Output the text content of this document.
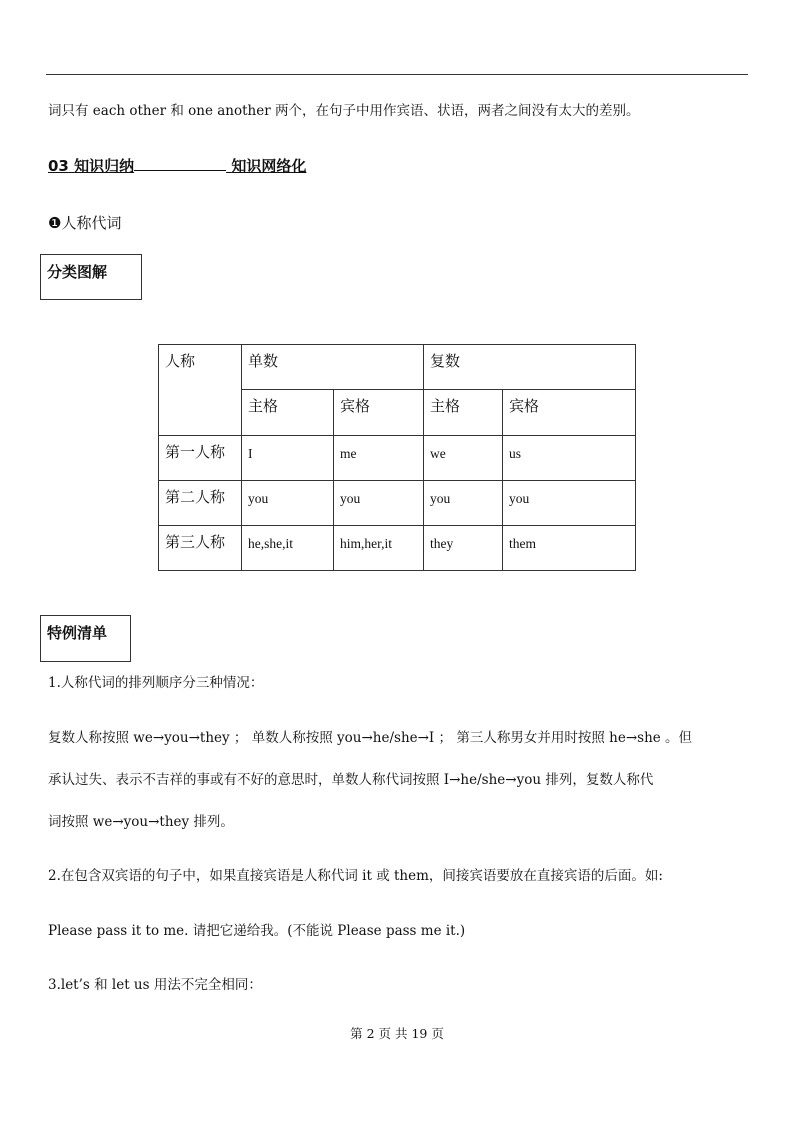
词只有 each other 和 one another 两个，在句子中用作宾语、状语，两者之间没有太大的差别。
03 知识归纳	知识网络化
❶人称代词
分类图解
人称	单数		复数	
	主格	宾格	主格	宾格
第一人称	I	me	we	us
第二人称	you	you	you	you
第三人称	he,she,it	him,her,it	they	them
特例清单
1.人称代词的排列顺序分三种情况：
复数人称按照 we→you→they ； 单数人称按照 you→he/she→I ； 第三人称男女并用时按照 he→she 。但
承认过失、表示不吉祥的事或有不好的意思时，单数人称代词按照 I→he/she→you 排列，复数人称代
词按照 we→you→they 排列。
2.在包含双宾语的句子中，如果直接宾语是人称代词 it 或 them，间接宾语要放在直接宾语的后面。如:
Please pass it to me. 请把它递给我。(不能说 Please pass me it.)
3.let’s 和 let us 用法不完全相同：
第 2 页 共 19 页
